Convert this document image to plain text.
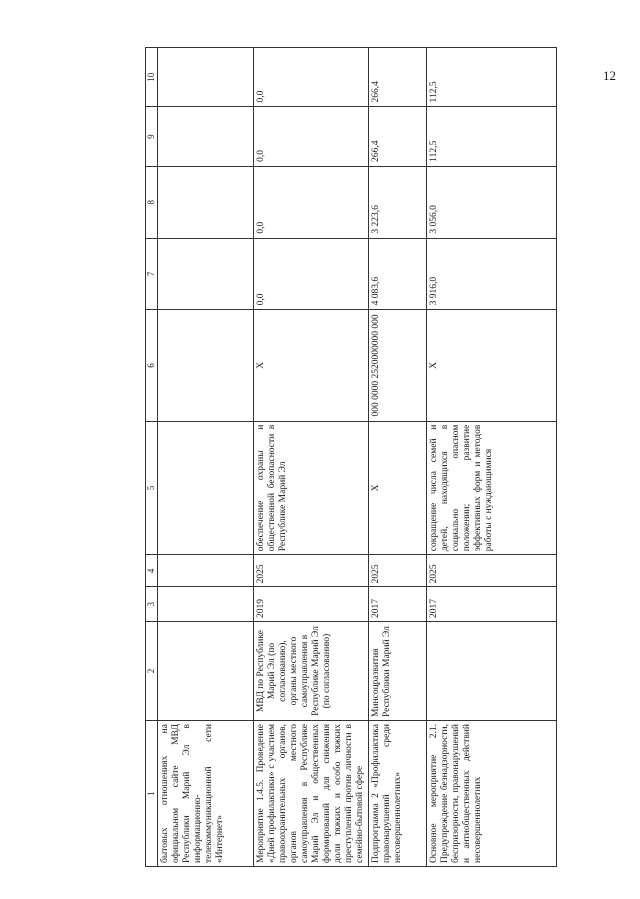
12
1	2	3	4	5	6	7	8	9	10
бытовых отношениях на официальном сайте МВД Республики Марий Эл в информационно-телекоммуникационной сети «Интернет»									
Мероприятие 1.4.5. Проведение «Дней профилактики» с участием правоохранительных органов, органов местного самоуправления в Республике Марий Эл и общественных формирований для снижения доли тяжких и особо тяжких преступлений против личности в семейно-бытовой сфере	МВД по Республике Марий Эл (по согласованию), органы местного самоуправления в Республике Марий Эл (по согласованию)	2019	2025	обеспечение охраны и общественной безопасности в Республике Марий Эл	Х	0,0	0,0	0,0	0,0
Подпрограмма 2 «Профилактика правонарушений среди несовершеннолетних»	Минсоцразвития Республики Марий Эл	2017	2025	Х	000 0000 2520000000 000	4 083,6	3 223,6	266,4	266,4
Основное мероприятие 2.1. Предупреждение безнадзорности, беспризорности, правонарушений и антиобщественных действий несовершеннолетних		2017	2025	сокращение числа семей и детей, находящихся в социально опасном положении; развитие эффективных форм и методов работы с нуждающимися	Х	3 916,0	3 056,0	112,5	112,5
